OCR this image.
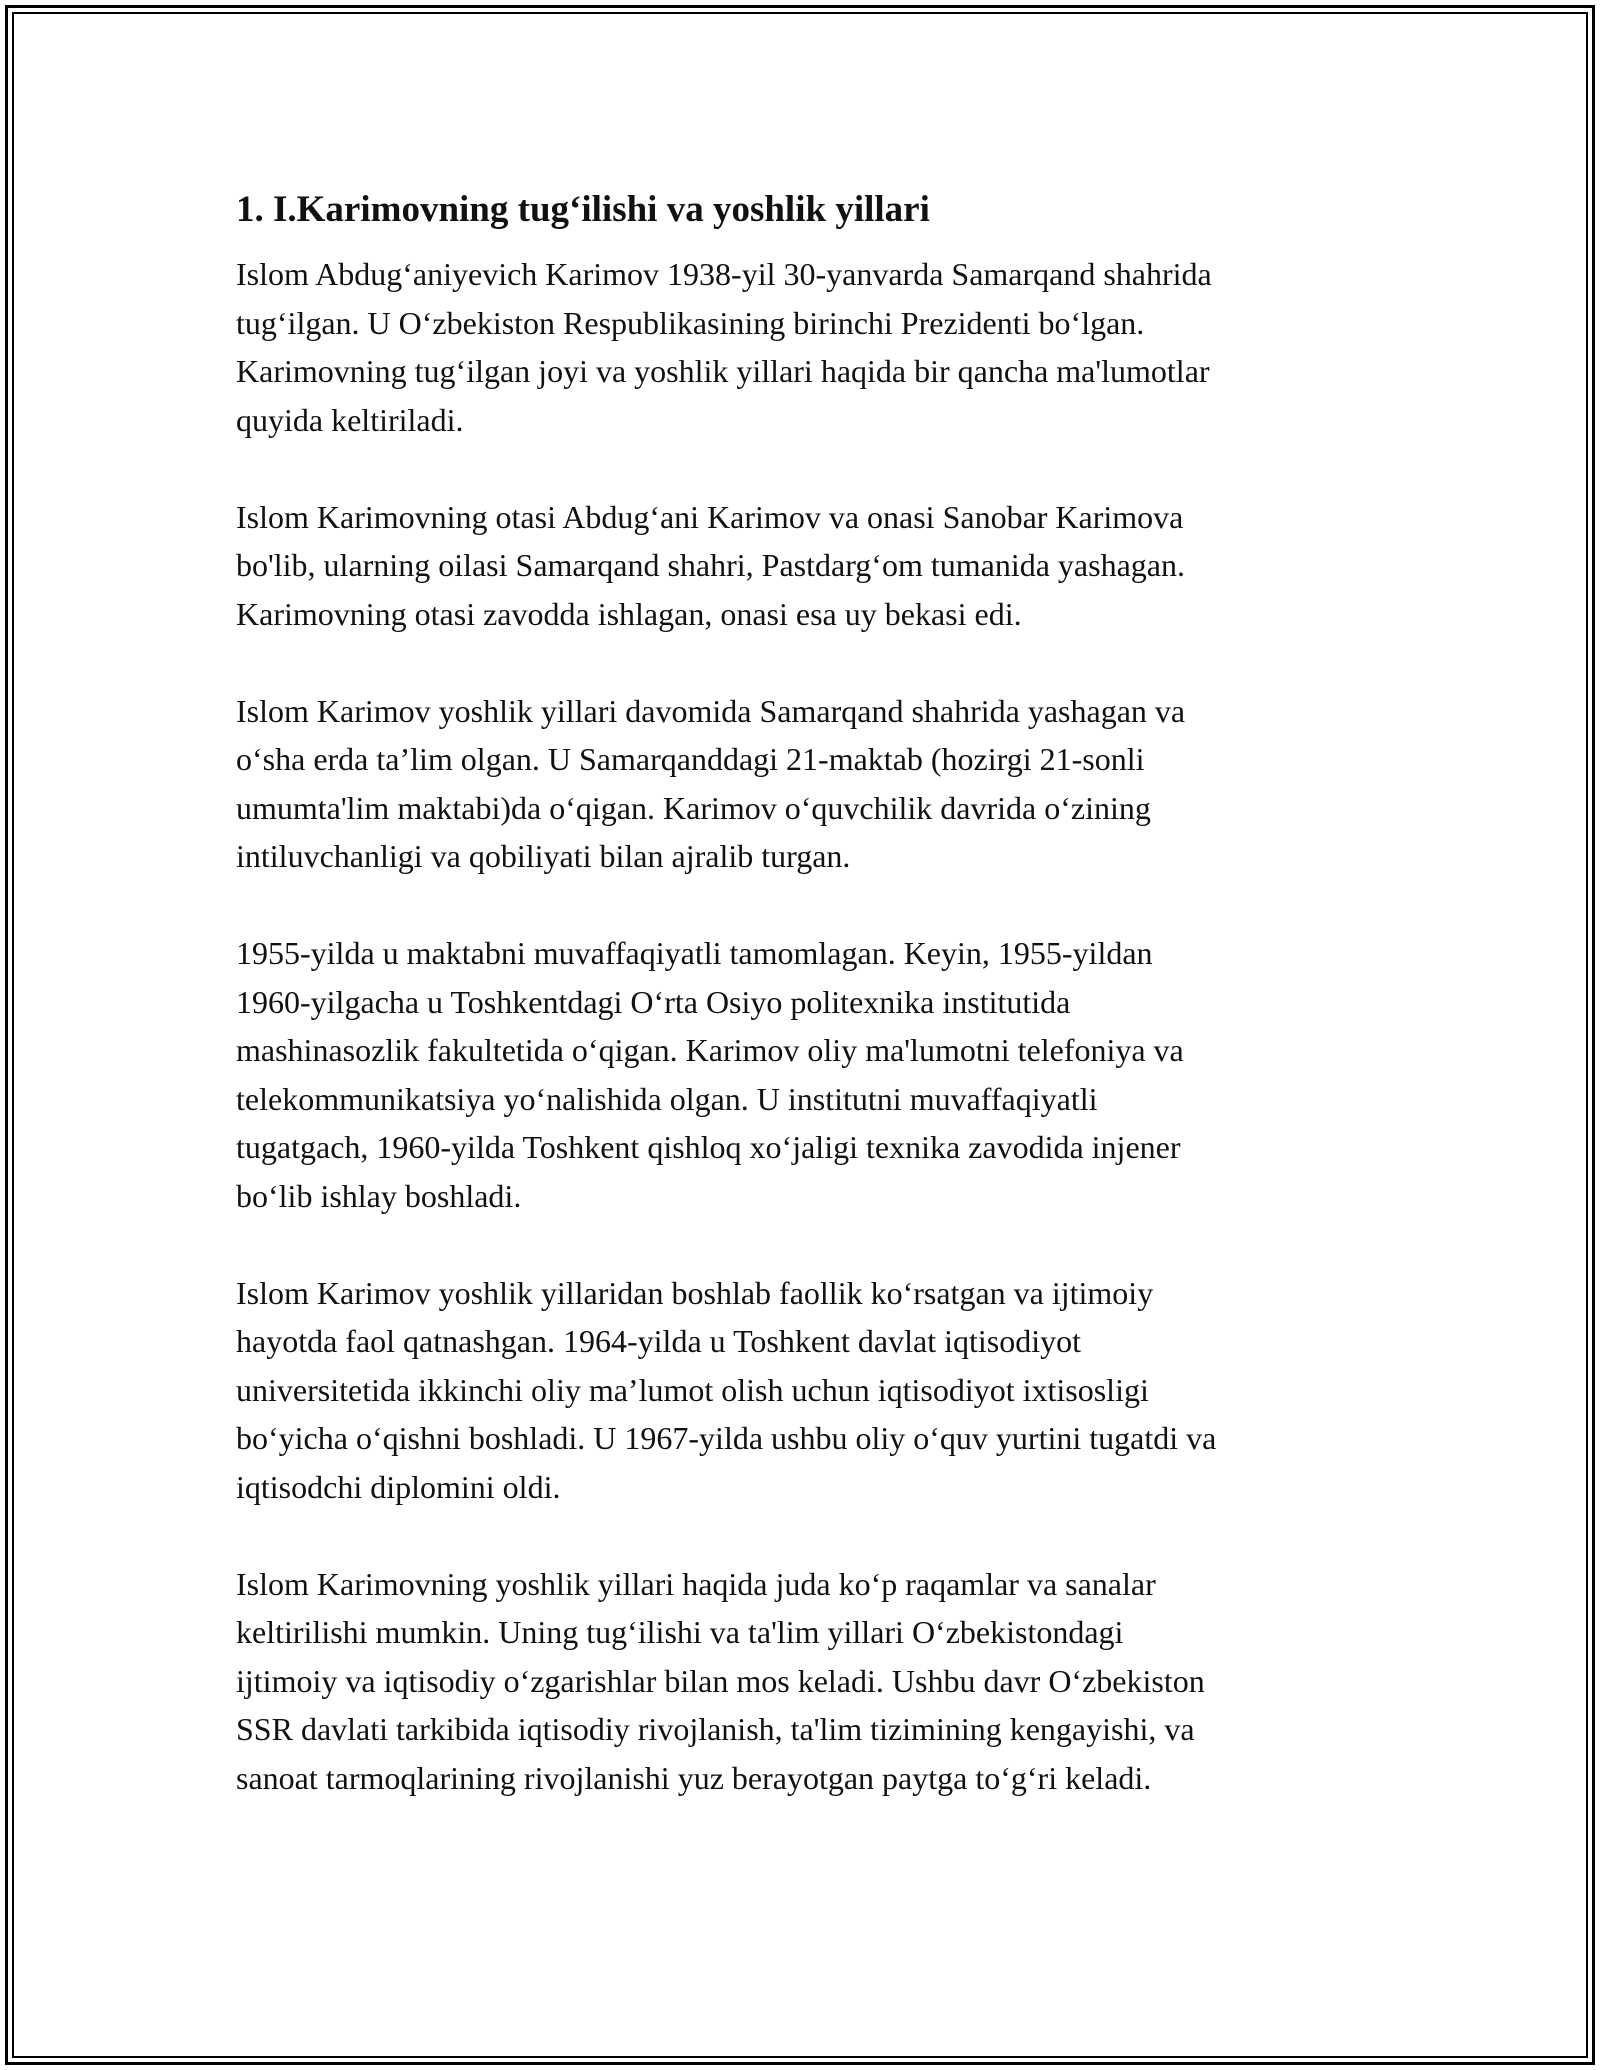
1. I.Karimovning tug‘ilishi va yoshlik yillari

Islom Abdug‘aniyevich Karimov 1938-yil 30-yanvarda Samarqand shahrida
tug‘ilgan. U O‘zbekiston Respublikasining birinchi Prezidenti bo‘lgan.
Karimovning tug‘ilgan joyi va yoshlik yillari haqida bir qancha ma'lumotlar
quyida keltiriladi.

Islom Karimovning otasi Abdug‘ani Karimov va onasi Sanobar Karimova
bo'lib, ularning oilasi Samarqand shahri, Pastdarg‘om tumanida yashagan.
Karimovning otasi zavodda ishlagan, onasi esa uy bekasi edi.

Islom Karimov yoshlik yillari davomida Samarqand shahrida yashagan va
o‘sha erda ta’lim olgan. U Samarqanddagi 21-maktab (hozirgi 21-sonli
umumta'lim maktabi)da o‘qigan. Karimov o‘quvchilik davrida o‘zining
intiluvchanligi va qobiliyati bilan ajralib turgan.

1955-yilda u maktabni muvaffaqiyatli tamomlagan. Keyin, 1955-yildan
1960-yilgacha u Toshkentdagi O‘rta Osiyo politexnika institutida
mashinasozlik fakultetida o‘qigan. Karimov oliy ma'lumotni telefoniya va
telekommunikatsiya yo‘nalishida olgan. U institutni muvaffaqiyatli
tugatgach, 1960-yilda Toshkent qishloq xo‘jaligi texnika zavodida injener
bo‘lib ishlay boshladi.

Islom Karimov yoshlik yillaridan boshlab faollik ko‘rsatgan va ijtimoiy
hayotda faol qatnashgan. 1964-yilda u Toshkent davlat iqtisodiyot
universitetida ikkinchi oliy ma’lumot olish uchun iqtisodiyot ixtisosligi
bo‘yicha o‘qishni boshladi. U 1967-yilda ushbu oliy o‘quv yurtini tugatdi va
iqtisodchi diplomini oldi.

Islom Karimovning yoshlik yillari haqida juda ko‘p raqamlar va sanalar
keltirilishi mumkin. Uning tug‘ilishi va ta'lim yillari O‘zbekistondagi
ijtimoiy va iqtisodiy o‘zgarishlar bilan mos keladi. Ushbu davr O‘zbekiston
SSR davlati tarkibida iqtisodiy rivojlanish, ta'lim tizimining kengayishi, va
sanoat tarmoqlarining rivojlanishi yuz berayotgan paytga to‘g‘ri keladi.
